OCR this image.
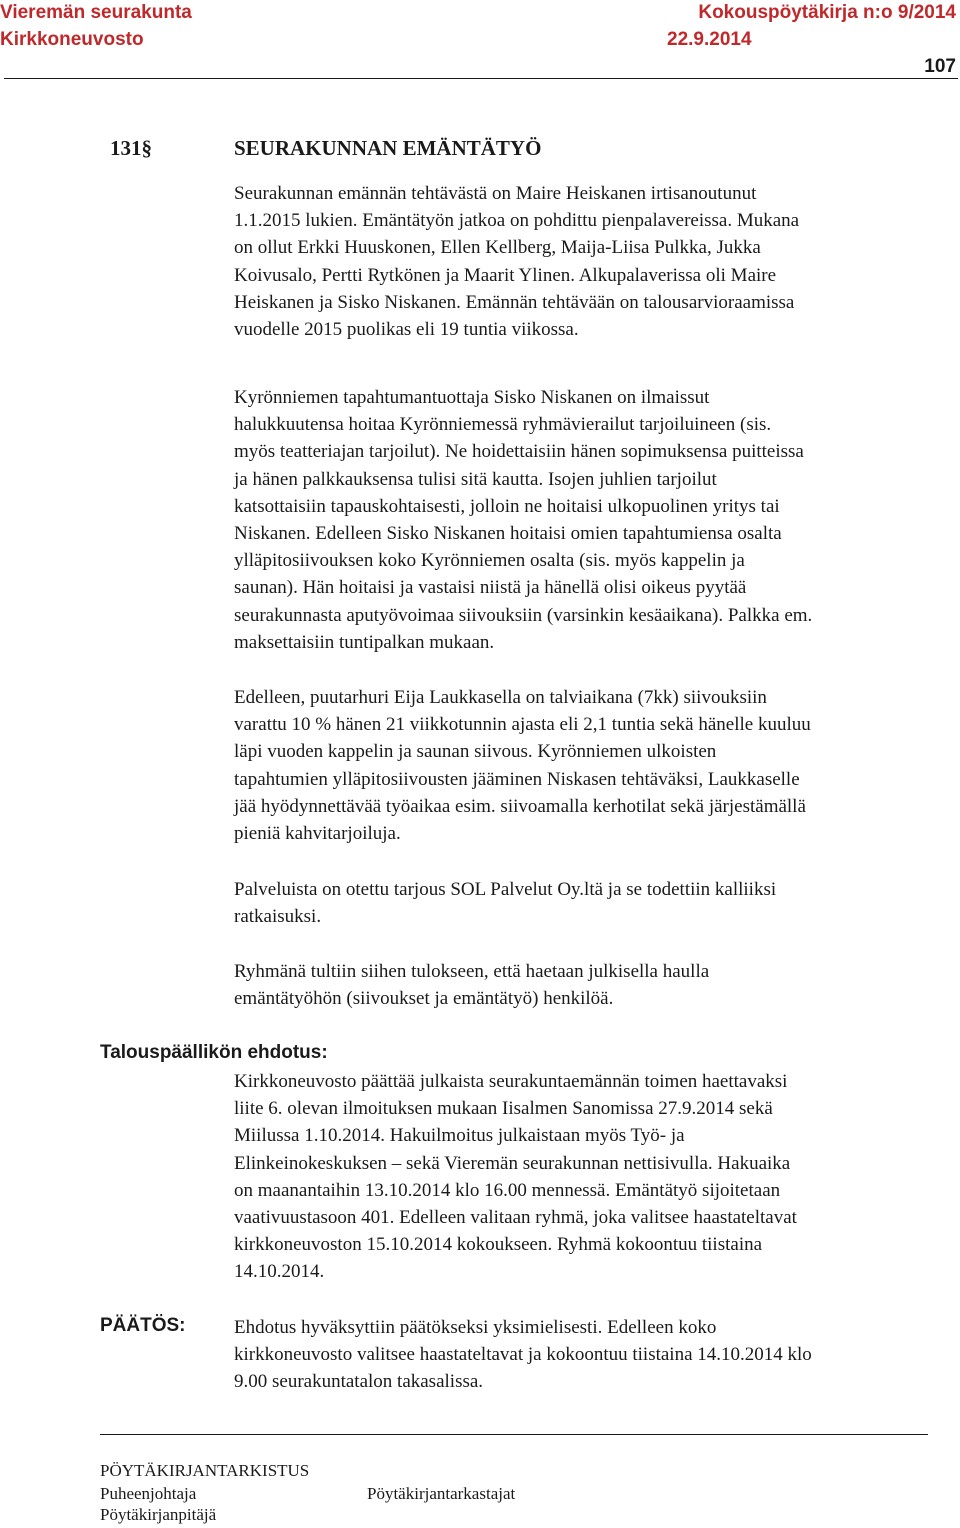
Vieremän seurakunta	Kokouspöytäkirja n:o 9/2014
Kirkkoneuvosto	22.9.2014
107
131§	SEURAKUNNAN EMÄNTÄTYÖ

Seurakunnan emännän tehtävästä on Maire Heiskanen irtisanoutunut

1.1.2015 lukien. Emäntätyön jatkoa on pohdittu pienpalavereissa. Mukana

on ollut Erkki Huuskonen, Ellen Kellberg, Maija-Liisa Pulkka, Jukka

Koivusalo, Pertti Rytkönen ja Maarit Ylinen. Alkupalaverissa oli Maire

Heiskanen ja Sisko Niskanen. Emännän tehtävään on talousarvioraamissa

vuodelle 2015 puolikas eli 19 tuntia viikossa.

Kyrönniemen tapahtumantuottaja Sisko Niskanen on ilmaissut

halukkuutensa hoitaa Kyrönniemessä ryhmävierailut tarjoiluineen (sis.

myös teatteriajan tarjoilut). Ne hoidettaisiin hänen sopimuksensa puitteissa

ja hänen palkkauksensa tulisi sitä kautta. Isojen juhlien tarjoilut

katsottaisiin tapauskohtaisesti, jolloin ne hoitaisi ulkopuolinen yritys tai

Niskanen. Edelleen Sisko Niskanen hoitaisi omien tapahtumiensa osalta

ylläpitosiivouksen koko Kyrönniemen osalta (sis. myös kappelin ja

saunan). Hän hoitaisi ja vastaisi niistä ja hänellä olisi oikeus pyytää

seurakunnasta aputyövoimaa siivouksiin (varsinkin kesäaikana). Palkka em.

maksettaisiin tuntipalkan mukaan.

Edelleen, puutarhuri Eija Laukkasella on talviaikana (7kk) siivouksiin

varattu 10 % hänen 21 viikkotunnin ajasta eli 2,1 tuntia sekä hänelle kuuluu

läpi vuoden kappelin ja saunan siivous. Kyrönniemen ulkoisten

tapahtumien ylläpitosiivousten jääminen Niskasen tehtäväksi, Laukkaselle

jää hyödynnettävää työaikaa esim. siivoamalla kerhotilat sekä järjestämällä

pieniä kahvitarjoiluja.

Palveluista on otettu tarjous SOL Palvelut Oy.ltä ja se todettiin kalliiksi

ratkaisuksi.

Ryhmänä tultiin siihen tulokseen, että haetaan julkisella haulla

emäntätyöhön (siivoukset ja emäntätyö) henkilöä.

Talouspäällikön ehdotus:

Kirkkoneuvosto päättää julkaista seurakuntaemännän toimen haettavaksi

liite 6. olevan ilmoituksen mukaan Iisalmen Sanomissa 27.9.2014 sekä

Miilussa 1.10.2014. Hakuilmoitus julkaistaan myös Työ- ja

Elinkeinokeskuksen – sekä Vieremän seurakunnan nettisivulla. Hakuaika

on maanantaihin 13.10.2014 klo 16.00 mennessä. Emäntätyö sijoitetaan

vaativuustasoon 401. Edelleen valitaan ryhmä, joka valitsee haastateltavat

kirkkoneuvoston 15.10.2014 kokoukseen. Ryhmä kokoontuu tiistaina

14.10.2014.

PÄÄTÖS:	Ehdotus hyväksyttiin päätökseksi yksimielisesti. Edelleen koko

kirkkoneuvosto valitsee haastateltavat ja kokoontuu tiistaina 14.10.2014 klo

9.00 seurakuntatalon takasalissa.

PÖYTÄKIRJANTARKISTUS
Puheenjohtaja	Pöytäkirjantarkastajat
Pöytäkirjanpitäjä
